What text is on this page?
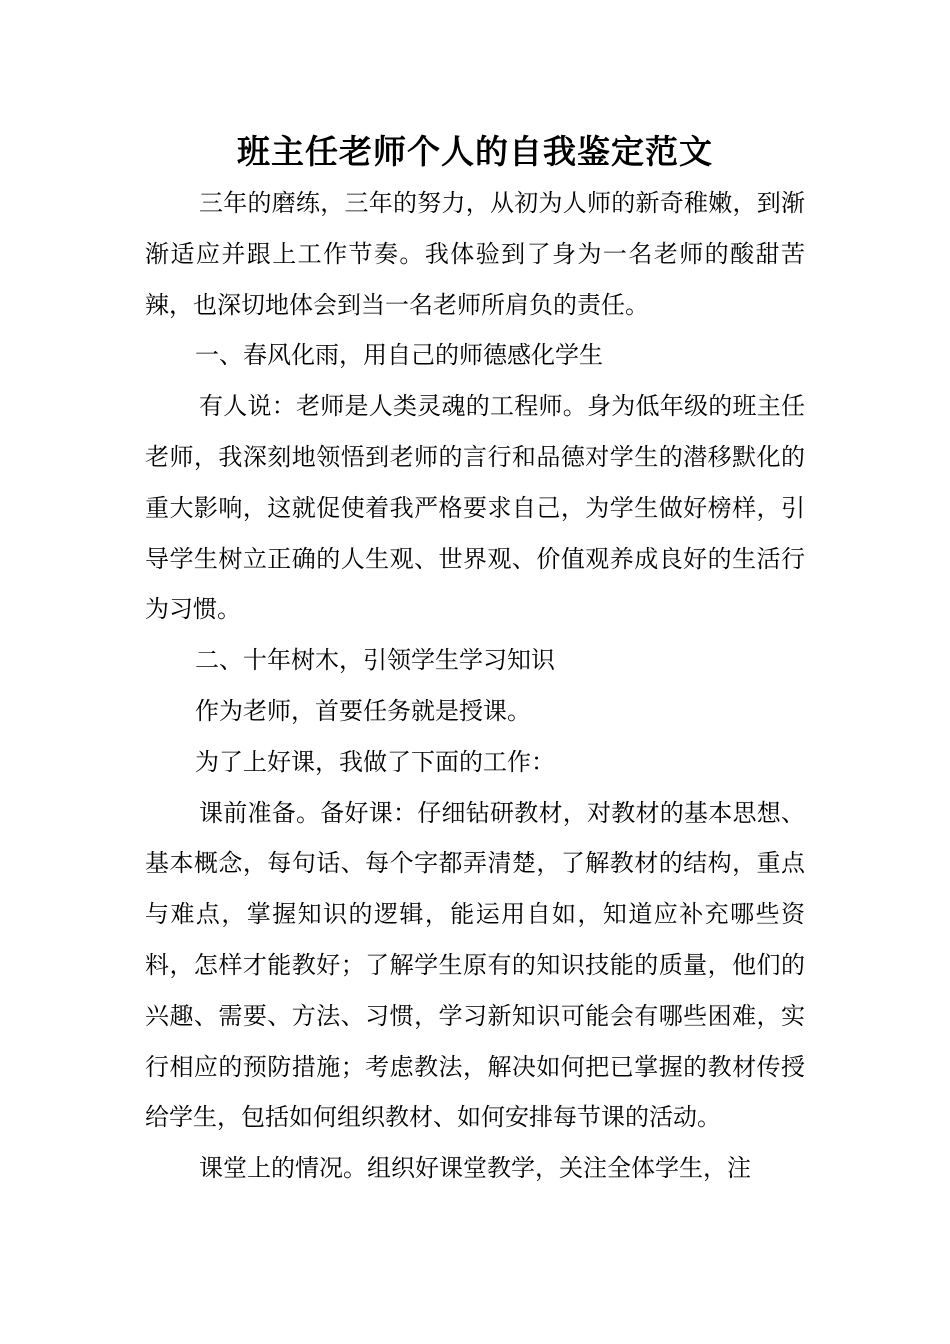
班主任老师个人的自我鉴定范文

三年的磨练，三年的努力，从初为人师的新奇稚嫩，到渐渐适应并跟上工作节奏。我体验到了身为一名老师的酸甜苦辣，也深切地体会到当一名老师所肩负的责任。

一、春风化雨，用自己的师德感化学生

有人说：老师是人类灵魂的工程师。身为低年级的班主任老师，我深刻地领悟到老师的言行和品德对学生的潜移默化的重大影响，这就促使着我严格要求自己，为学生做好榜样，引导学生树立正确的人生观、世界观、价值观养成良好的生活行为习惯。

二、十年树木，引领学生学习知识

作为老师，首要任务就是授课。

为了上好课，我做了下面的工作：

课前准备。备好课：仔细钻研教材，对教材的基本思想、基本概念，每句话、每个字都弄清楚，了解教材的结构，重点与难点，掌握知识的逻辑，能运用自如，知道应补充哪些资料，怎样才能教好；了解学生原有的知识技能的质量，他们的兴趣、需要、方法、习惯，学习新知识可能会有哪些困难，实行相应的预防措施；考虑教法，解决如何把已掌握的教材传授给学生，包括如何组织教材、如何安排每节课的活动。

课堂上的情况。组织好课堂教学，关注全体学生，注
